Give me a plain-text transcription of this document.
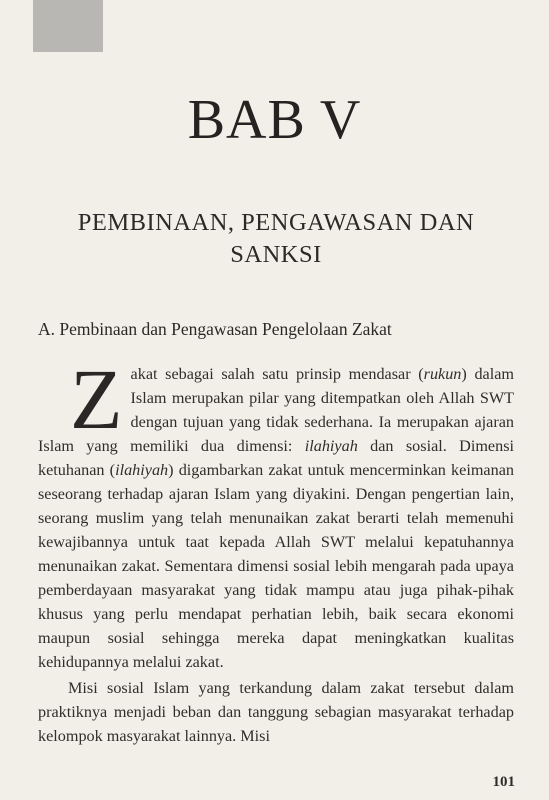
BAB V
PEMBINAAN, PENGAWASAN DAN
SANKSI
A. Pembinaan dan Pengawasan Pengelolaan Zakat

Zakat sebagai salah satu prinsip mendasar (rukun) dalam Islam merupakan pilar yang ditempatkan oleh Allah SWT dengan tujuan yang tidak sederhana. Ia merupakan ajaran Islam yang memiliki dua dimensi: ilahiyah dan sosial. Dimensi ketuhanan (ilahiyah) digambarkan zakat untuk mencerminkan keimanan seseorang terhadap ajaran Islam yang diyakini. Dengan pengertian lain, seorang muslim yang telah menunaikan zakat berarti telah memenuhi kewajibannya untuk taat kepada Allah SWT melalui kepatuhannya menunaikan zakat. Sementara dimensi sosial lebih mengarah pada upaya pemberdayaan masyarakat yang tidak mampu atau juga pihak-pihak khusus yang perlu mendapat perhatian lebih, baik secara ekonomi maupun sosial sehingga mereka dapat meningkatkan kualitas kehidupannya melalui zakat.

Misi sosial Islam yang terkandung dalam zakat tersebut dalam praktiknya menjadi beban dan tanggung sebagian masyarakat terhadap kelompok masyarakat lainnya. Misi

101
